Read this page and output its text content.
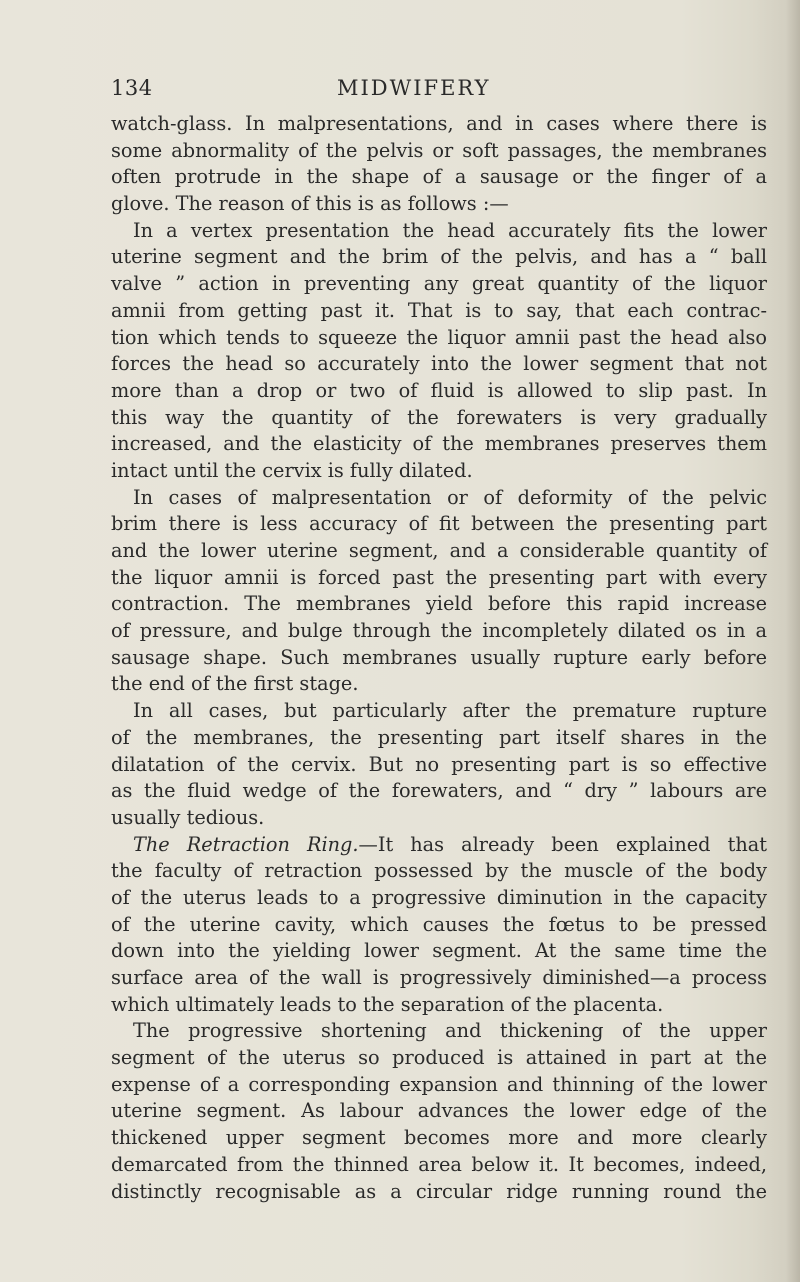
134	MIDWIFERY
watch-glass. In malpresentations, and in cases where there is
some abnormality of the pelvis or soft passages, the membranes
often protrude in the shape of a sausage or the finger of a
glove. The reason of this is as follows :—
In a vertex presentation the head accurately fits the lower
uterine segment and the brim of the pelvis, and has a “ ball
valve ” action in preventing any great quantity of the liquor
amnii from getting past it. That is to say, that each contrac-
tion which tends to squeeze the liquor amnii past the head also
forces the head so accurately into the lower segment that not
more than a drop or two of fluid is allowed to slip past. In
this way the quantity of the forewaters is very gradually
increased, and the elasticity of the membranes preserves them
intact until the cervix is fully dilated.
In cases of malpresentation or of deformity of the pelvic
brim there is less accuracy of fit between the presenting part
and the lower uterine segment, and a considerable quantity of
the liquor amnii is forced past the presenting part with every
contraction. The membranes yield before this rapid increase
of pressure, and bulge through the incompletely dilated os in a
sausage shape. Such membranes usually rupture early before
the end of the first stage.
In all cases, but particularly after the premature rupture
of the membranes, the presenting part itself shares in the
dilatation of the cervix. But no presenting part is so effective
as the fluid wedge of the forewaters, and “ dry ” labours are
usually tedious.
The Retraction Ring.—It has already been explained that
the faculty of retraction possessed by the muscle of the body
of the uterus leads to a progressive diminution in the capacity
of the uterine cavity, which causes the fœtus to be pressed
down into the yielding lower segment. At the same time the
surface area of the wall is progressively diminished—a process
which ultimately leads to the separation of the placenta.
The progressive shortening and thickening of the upper
segment of the uterus so produced is attained in part at the
expense of a corresponding expansion and thinning of the lower
uterine segment. As labour advances the lower edge of the
thickened upper segment becomes more and more clearly
demarcated from the thinned area below it. It becomes, indeed,
distinctly recognisable as a circular ridge running round the
